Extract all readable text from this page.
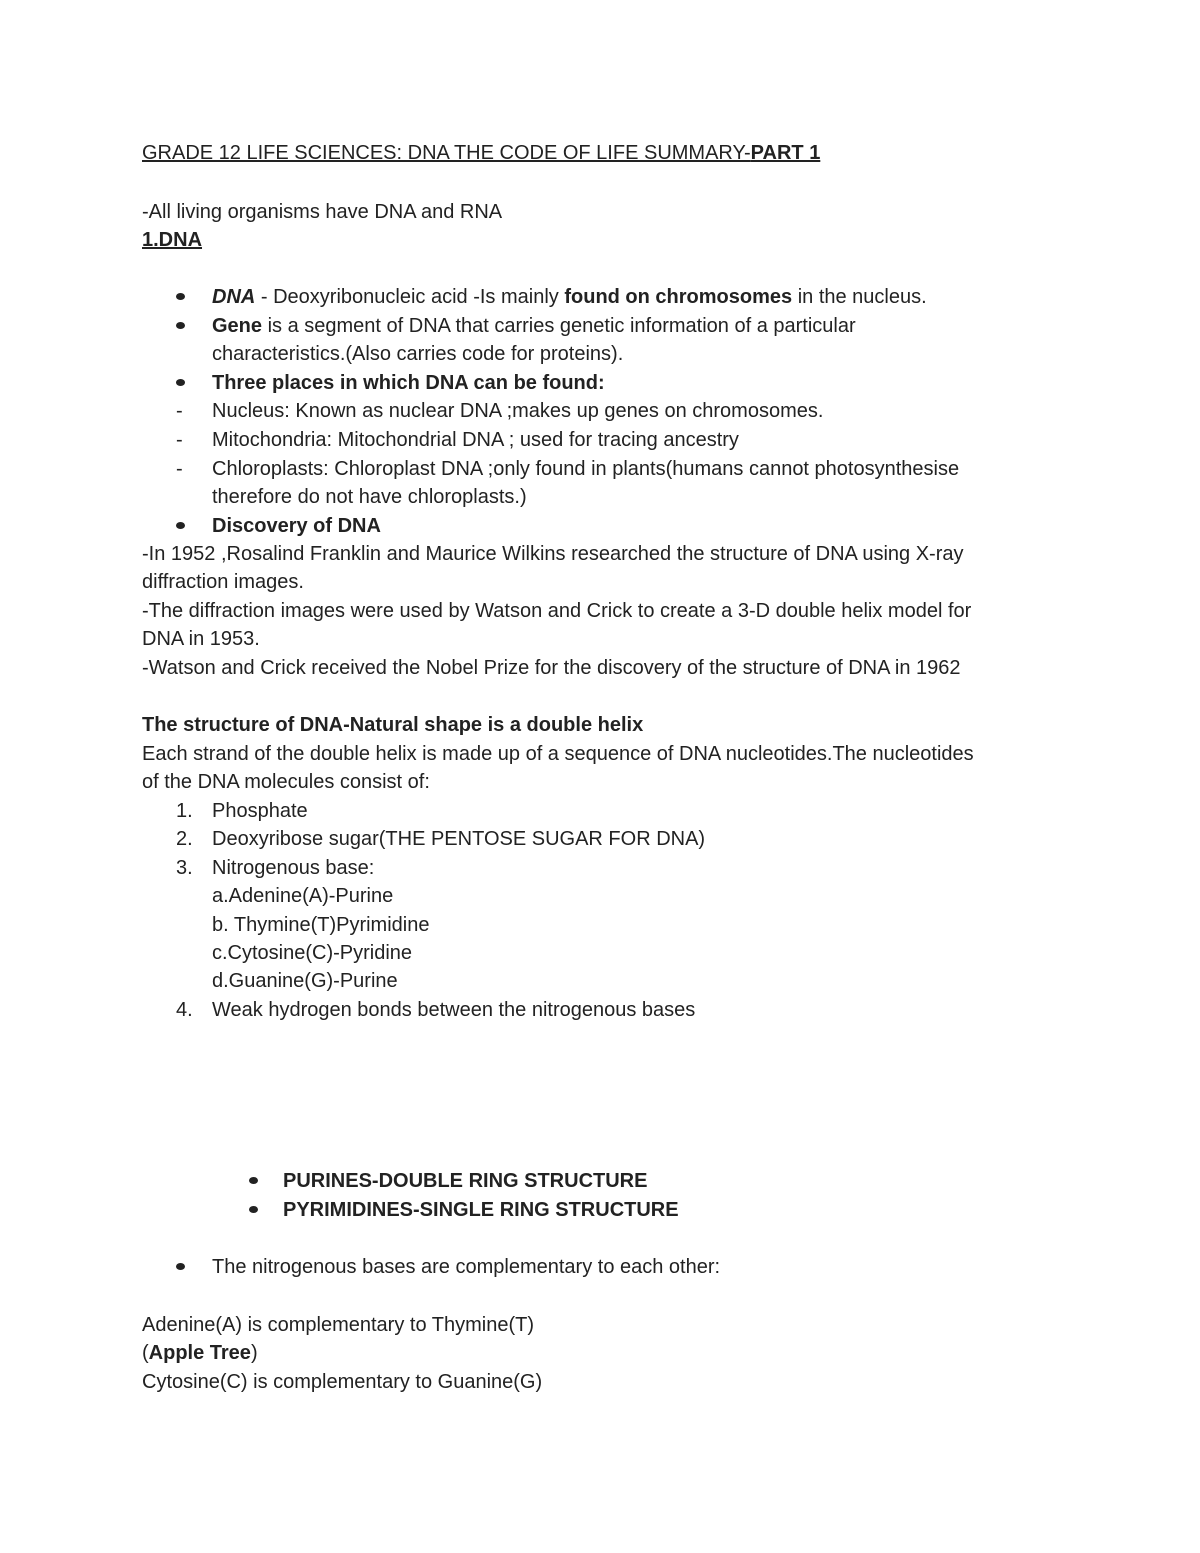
GRADE 12 LIFE SCIENCES: DNA THE CODE OF LIFE SUMMARY-PART 1
-All living organisms have DNA and RNA
1.DNA
DNA - Deoxyribonucleic acid -Is mainly found on chromosomes in the nucleus.
Gene is a segment of DNA that carries genetic information of a particular
characteristics.(Also carries code for proteins).
Three places in which DNA can be found:
-	Nucleus: Known as nuclear DNA ;makes up genes on chromosomes.
-	Mitochondria: Mitochondrial DNA ; used for tracing ancestry
-	Chloroplasts: Chloroplast DNA ;only found in plants(humans cannot photosynthesise
therefore do not have chloroplasts.)
Discovery of DNA
-In 1952 ,Rosalind Franklin and Maurice Wilkins researched the structure of DNA using X-ray
diffraction images.
-The diffraction images were used by Watson and Crick to create a 3-D double helix model for
DNA in 1953.
-Watson and Crick received the Nobel Prize for the discovery of the structure of DNA in 1962
The structure of DNA-Natural shape is a double helix
Each strand of the double helix is made up of a sequence of DNA nucleotides.The nucleotides
of the DNA molecules consist of:
1. Phosphate
2. Deoxyribose sugar(THE PENTOSE SUGAR FOR DNA)
3. Nitrogenous base:
a.Adenine(A)-Purine
b. Thymine(T)Pyrimidine
c.Cytosine(C)-Pyridine
d.Guanine(G)-Purine
4. Weak hydrogen bonds between the nitrogenous bases
PURINES-DOUBLE RING STRUCTURE
PYRIMIDINES-SINGLE RING STRUCTURE
The nitrogenous bases are complementary to each other:
Adenine(A) is complementary to Thymine(T)
(Apple Tree)
Cytosine(C) is complementary to Guanine(G)
